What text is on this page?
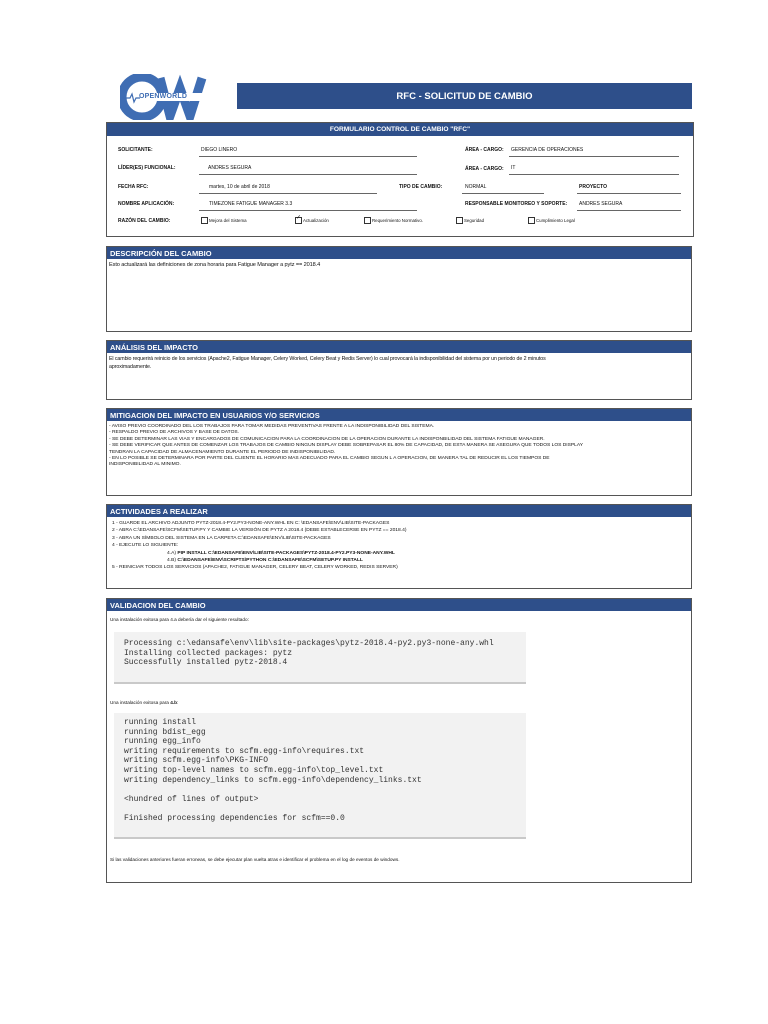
OPENWORLD	RFC - SOLICITUD DE CAMBIO
FORMULARIO CONTROL DE CAMBIO "RFC"
SOLICITANTE:	DIEGO LINERO	ÁREA - CARGO: GERENCIA DE OPERACIONES
LÍDER(ES) FUNCIONAL:	ANDRES SEGURA	ÁREA - CARGO: IT
FECHA RFC:	martes, 10 de abril de 2018	TIPO DE CAMBIO:	NORMAL	PROYECTO
NOMBRE APLICACIÓN:	TIMEZONE FATIGUE MANAGER 3.3	RESPONSABLE MONITOREO Y SOPORTE: ANDRES SEGURA
RAZÓN DEL CAMBIO:	Mejora del Sistema	✓ Actualización	Requerimiento Normativo.	Seguridad	Cumplimiento Legal
DESCRIPCIÓN DEL CAMBIO
Esto actualizará las definiciones de zona horaria para Fatigue Manager a pytz == 2018.4
ANÁLISIS DEL IMPACTO
El cambio requerirá reinicio de los servicios (Apache2, Fatigue Manager, Celery Worked, Celery Beat y Redis Server) lo cual provocará la indisponibilidad del sistema por un periodo de 2 minutos
aproximadamente.
MITIGACION DEL IMPACTO EN USUARIOS Y/O SERVICIOS
- AVISO PREVIO COORDINADO DEL LOS TRABAJOS PARA TOMAR MEDIDAS PREVENTIVAS FRENTE A LA INDISPONIBILIDAD DEL SISTEMA.
- RESPALDO PREVIO DE ARCHIVOS Y BASE DE DATOS.
- SE DEBE DETERMINAR LAS VIAS Y ENCARGADOS DE COMUNICACION PARA LA COORDINACION DE LA OPERACION DURANTE LA INDISPONBILIDAD DEL SISTEMA FATIGUE MANAGER.
- SE DEBE VERIFICAR QUE ANTES DE COMENZAR LOS TRABAJOS DE CAMBIO NINGUN DISPLAY DEBE SOBREPASAR EL 80% DE CAPACIDAD, DE ESTA MANERA SE ASEGURA QUE TODOS LOS DISPLAY
TENDRAN LA CAPACIDAD DE ALMACENAMIENTO DURANTE EL PERIODO DE INDISPONIBILIDAD.
- EN LO POSIBLE SE DETERMINARA POR PARTE DEL CLIENTE EL HORARIO MAS ADECUADO PARA EL CAMBIO SEGUN L A OPERACION, DE MANERA TAL DE REDUCIR EL LOS TIEMPOS DE
INDISPONIBILIDAD AL MINIMO.
ACTIVIDADES A REALIZAR
1 - GUARDE EL ARCHIVO ADJUNTO PYTZ-2018.4-PY2.PY3-NONE-ANY.WHL EN C: \EDANSAFE\ENV\LIB\SITE-PACKAGES
2 - ABRA C:\EDANSAFE\SCFM\SETUP.PY Y CAMBIE LA VERSIÓN DE PYTZ A 2018.4 (DEBE ESTABLECERSE EN PYTZ == 2018.4)
3 - ABRA UN SÍMBOLO DEL SISTEMA EN LA CARPETA C:\EDANSAFE\ENV\LIB\SITE-PACKAGES
4 - EJECUTE LO SIGUIENTE:
4.A) PIP INSTALL C:\EDANSAFE\ENV\LIB\SITE-PACKAGES\PYTZ-2018.4-PY2.PY3-NONE-ANY.WHL
4.B) C:\EDANSAFE\ENV\SCRIPTS\PYTHON C:\EDANSAFE\SCFM\SETUP.PY INSTALL
5 - REINICIAR TODOS LOS SERVICIOS (APACHE2, FATIGUE MANAGER, CELERY BEAT, CELERY WORKED, REDIS SERVER)
VALIDACION DEL CAMBIO
Una instalación exitosa para 4.a debería dar el siguiente resultado:
Processing c:\edansafe\env\lib\site-packages\pytz-2018.4-py2.py3-none-any.whl
Installing collected packages: pytz
Successfully installed pytz-2018.4
Una instalación exitosa para 4.b:
running install
running bdist_egg
running egg_info
writing requirements to scfm.egg-info\requires.txt
writing scfm.egg-info\PKG-INFO
writing top-level names to scfm.egg-info\top_level.txt
writing dependency_links to scfm.egg-info\dependency_links.txt
<hundred of lines of output>
Finished processing dependencies for scfm==0.0
Si las validaciones anteriores fueran erroneas, se debe ejecutar plan vuelta atras e identificar el problema en el log de eventos de windows.
